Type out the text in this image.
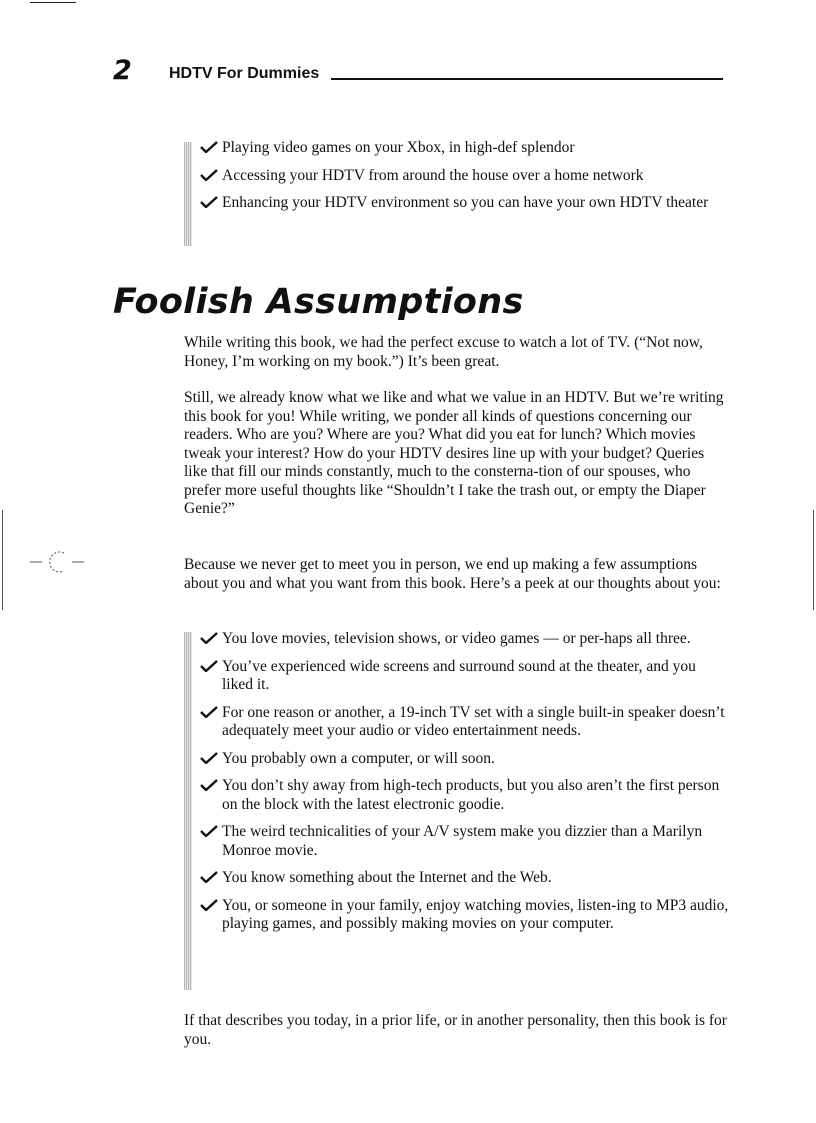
2 HDTV For Dummies
Playing video games on your Xbox, in high-def splendor
Accessing your HDTV from around the house over a home network
Enhancing your HDTV environment so you can have your own HDTV theater
Foolish Assumptions

While writing this book, we had the perfect excuse to watch a lot of TV. (“Not now, Honey, I’m working on my book.”) It’s been great.

Still, we already know what we like and what we value in an HDTV. But we’re writing this book for you! While writing, we ponder all kinds of questions concerning our readers. Who are you? Where are you? What did you eat for lunch? Which movies tweak your interest? How do your HDTV desires line up with your budget? Queries like that fill our minds constantly, much to the consterna-tion of our spouses, who prefer more useful thoughts like “Shouldn’t I take the trash out, or empty the Diaper Genie?”

Because we never get to meet you in person, we end up making a few assumptions about you and what you want from this book. Here’s a peek at our thoughts about you:

You love movies, television shows, or video games — or per-haps all three.
You’ve experienced wide screens and surround sound at the theater, and you liked it.
For one reason or another, a 19-inch TV set with a single built-in speaker doesn’t adequately meet your audio or video entertainment needs.
You probably own a computer, or will soon.
You don’t shy away from high-tech products, but you also aren’t the first person on the block with the latest electronic goodie.
The weird technicalities of your A/V system make you dizzier than a Marilyn Monroe movie.
You know something about the Internet and the Web.
You, or someone in your family, enjoy watching movies, listen-ing to MP3 audio, playing games, and possibly making movies on your computer.

If that describes you today, in a prior life, or in another personality, then this book is for you.
